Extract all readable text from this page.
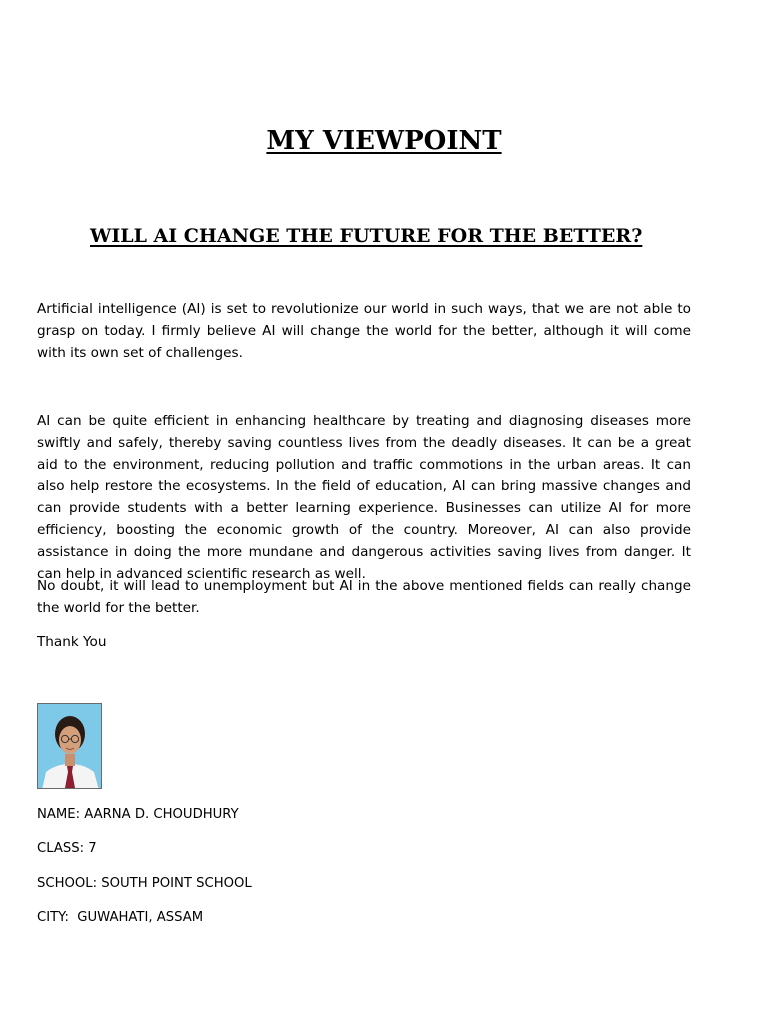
MY VIEWPOINT
WILL AI CHANGE THE FUTURE FOR THE BETTER?

Artificial intelligence (AI) is set to revolutionize our world in such ways, that we are not able to grasp on today. I firmly believe AI will change the world for the better, although it will come with its own set of challenges.

AI can be quite efficient in enhancing healthcare by treating and diagnosing diseases more swiftly and safely, thereby saving countless lives from the deadly diseases. It can be a great aid to the environment, reducing pollution and traffic commotions in the urban areas. It can also help restore the ecosystems. In the field of education, AI can bring massive changes and can provide students with a better learning experience. Businesses can utilize AI for more efficiency, boosting the economic growth of the country. Moreover, AI can also provide assistance in doing the more mundane and dangerous activities saving lives from danger. It can help in advanced scientific research as well.

No doubt, it will lead to unemployment but AI in the above mentioned fields can really change the world for the better.

Thank You

NAME: AARNA D. CHOUDHURY

CLASS: 7

SCHOOL: SOUTH POINT SCHOOL

CITY:  GUWAHATI, ASSAM
